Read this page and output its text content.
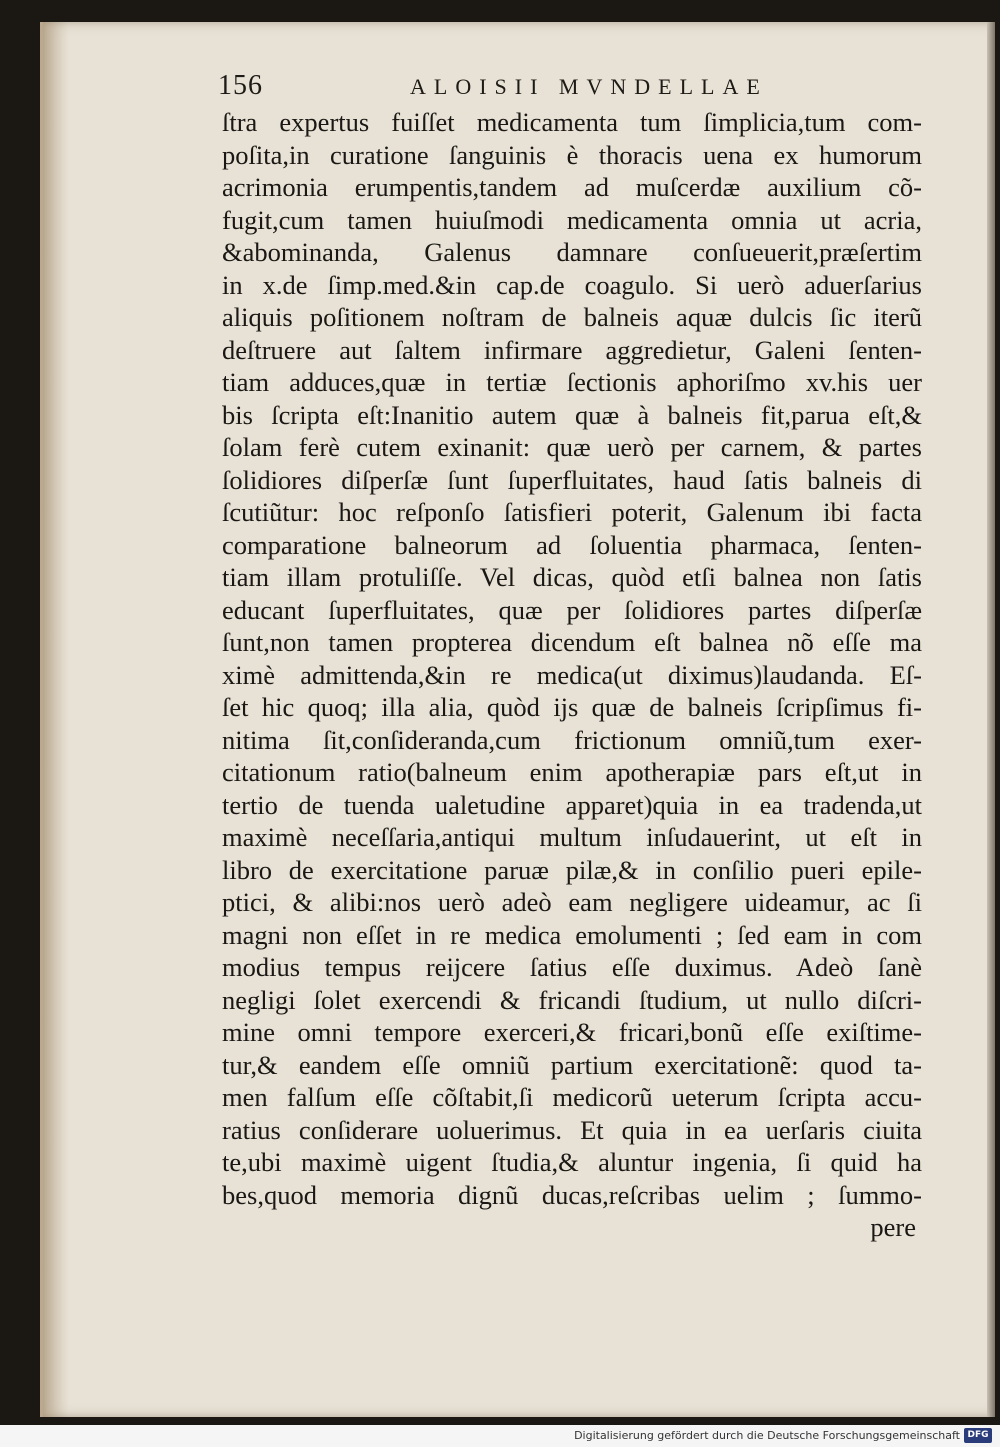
156	ALOISII MVNDELLAE
ſtra expertus fuiſſet medicamenta tum ſimplicia,tum com-
poſita,in curatione ſanguinis è thoracis uena ex humorum
acrimonia erumpentis,tandem ad muſcerdæ auxilium cõ-
fugit,cum tamen huiuſmodi medicamenta omnia ut acria,
&abominanda, Galenus damnare conſueuerit,præſertim
in x.de ſimp.med.&in cap.de coagulo. Si uerò aduerſarius
aliquis poſitionem noſtram de balneis aquæ dulcis ſic iterũ
deſtruere aut ſaltem infirmare aggredietur, Galeni ſenten-
tiam adduces,quæ in tertiæ ſectionis aphoriſmo xv.his uer
bis ſcripta eſt:Inanitio autem quæ à balneis fit,parua eſt,&
ſolam ferè cutem exinanit: quæ uerò per carnem, & partes
ſolidiores diſperſæ ſunt ſuperfluitates, haud ſatis balneis di
ſcutiũtur: hoc reſponſo ſatisfieri poterit, Galenum ibi facta
comparatione balneorum ad ſoluentia pharmaca, ſenten-
tiam illam protuliſſe. Vel dicas, quòd etſi balnea non ſatis
educant ſuperfluitates, quæ per ſolidiores partes diſperſæ
ſunt,non tamen propterea dicendum eſt balnea nõ eſſe ma
ximè admittenda,&in re medica(ut diximus)laudanda. Eſ-
ſet hic quoq; illa alia, quòd ĳs quæ de balneis ſcripſimus fi-
nitima ſit,conſideranda,cum frictionum omniũ,tum exer-
citationum ratio(balneum enim apotherapiæ pars eſt,ut in
tertio de tuenda ualetudine apparet)quia in ea tradenda,ut
maximè neceſſaria,antiqui multum inſudauerint, ut eſt in
libro de exercitatione paruæ pilæ,& in conſilio pueri epile-
ptici, & alibi:nos uerò adeò eam negligere uideamur, ac ſi
magni non eſſet in re medica emolumenti ; ſed eam in com
modius tempus reĳcere ſatius eſſe duximus. Adeò ſanè
negligi ſolet exercendi & fricandi ſtudium, ut nullo diſcri-
mine omni tempore exerceri,& fricari,bonũ eſſe exiſtime-
tur,& eandem eſſe omniũ partium exercitationẽ: quod ta-
men falſum eſſe cõſtabit,ſi medicorũ ueterum ſcripta accu-
ratius conſiderare uoluerimus. Et quia in ea uerſaris ciuita
te,ubi maximè uigent ſtudia,& aluntur ingenia, ſi quid ha
bes,quod memoria dignũ ducas,reſcribas uelim ; ſummo-
pere
Digitalisierung gefördert durch die Deutsche Forschungsgemeinschaft DFG
